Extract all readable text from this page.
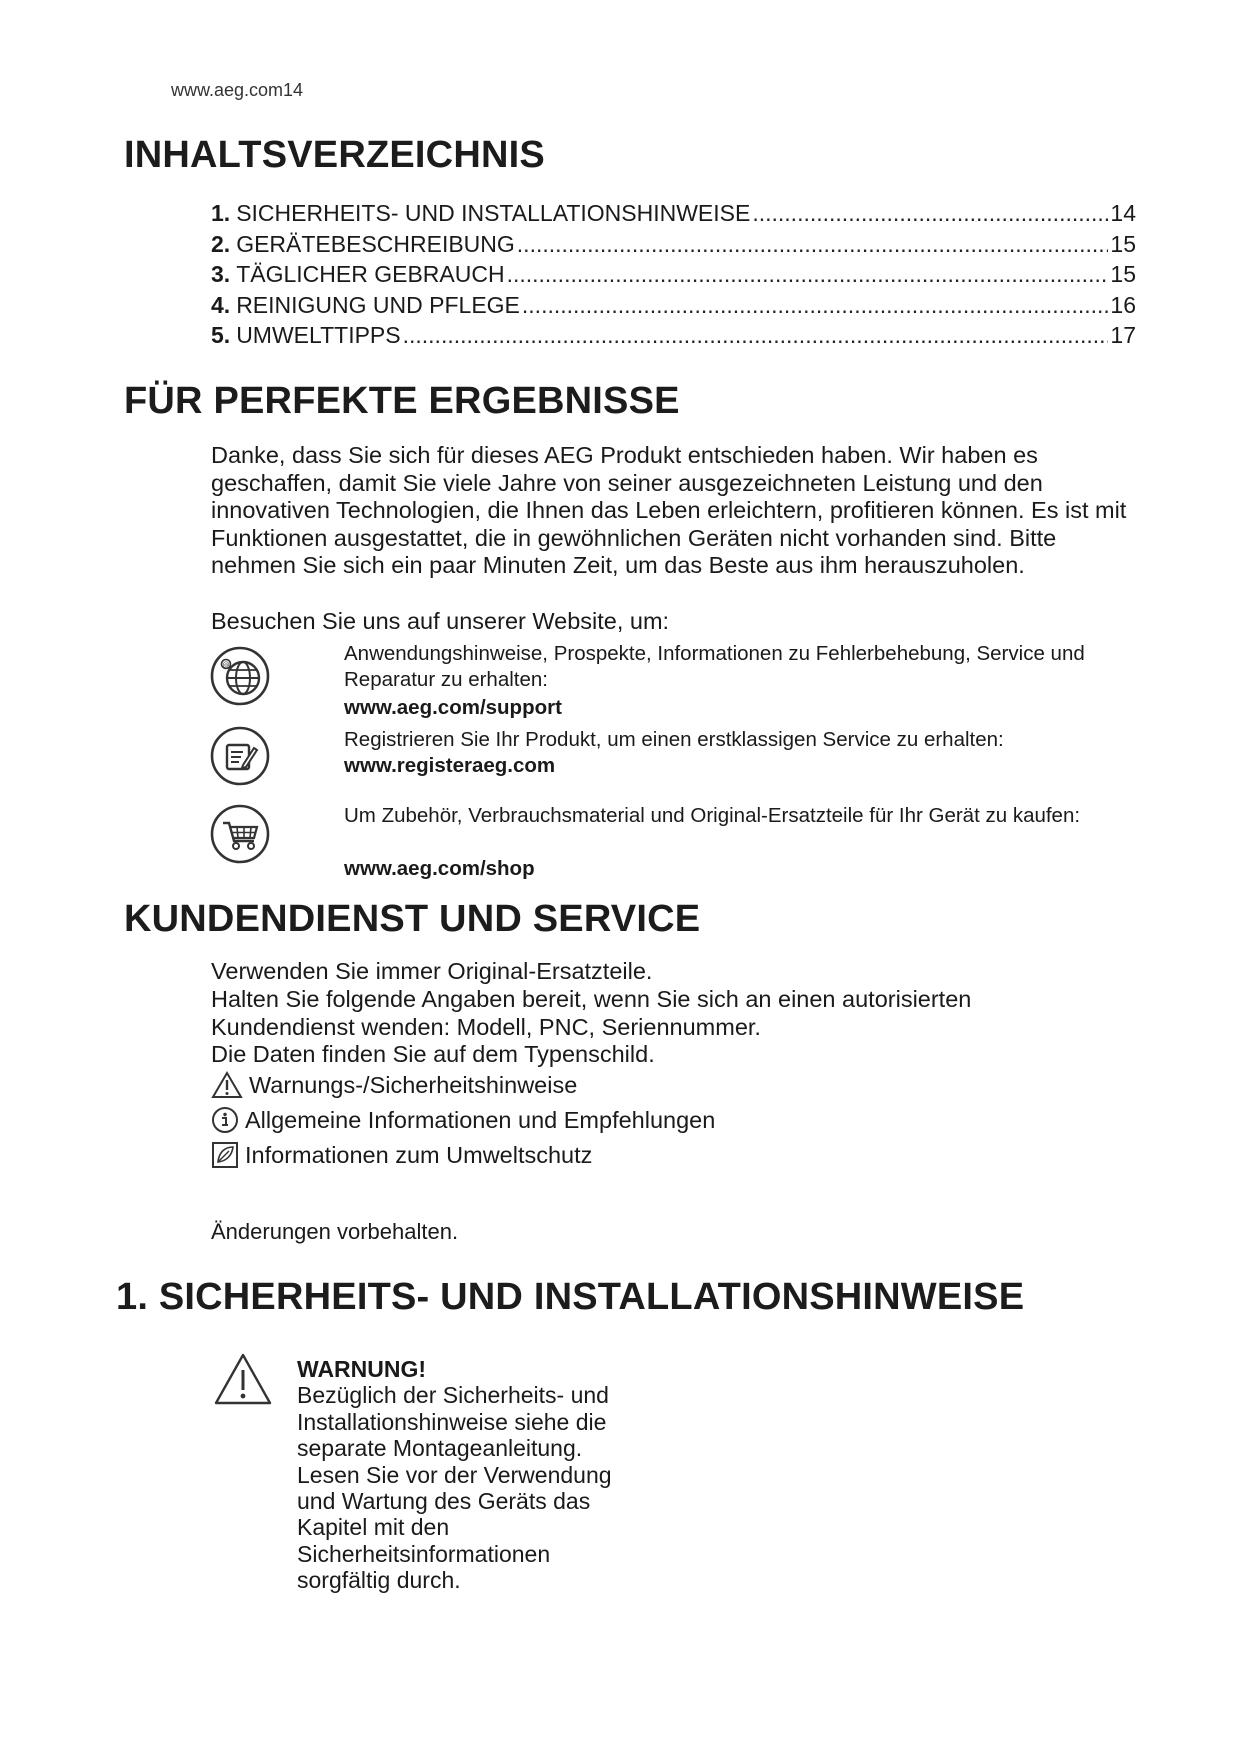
www.aeg.com14
INHALTSVERZEICHNIS
1. SICHERHEITS- UND INSTALLATIONSHINWEISE .....	14
2. GERÄTEBESCHREIBUNG .....	15
3. TÄGLICHER GEBRAUCH .....	15
4. REINIGUNG UND PFLEGE .....	16
5. UMWELTTIPPS .....	17
FÜR PERFEKTE ERGEBNISSE
Danke, dass Sie sich für dieses AEG Produkt entschieden haben. Wir haben es geschaffen, damit Sie viele Jahre von seiner ausgezeichneten Leistung und den innovativen Technologien, die Ihnen das Leben erleichtern, profitieren können. Es ist mit Funktionen ausgestattet, die in gewöhnlichen Geräten nicht vorhanden sind. Bitte nehmen Sie sich ein paar Minuten Zeit, um das Beste aus ihm herauszuholen.
Besuchen Sie uns auf unserer Website, um:
@	Anwendungshinweise, Prospekte, Informationen zu Fehlerbehebung, Service und Reparatur zu erhalten:
www.aeg.com/support
Registrieren Sie Ihr Produkt, um einen erstklassigen Service zu erhalten:
www.registeraeg.com
Um Zubehör, Verbrauchsmaterial und Original-Ersatzteile für Ihr Gerät zu kaufen:
www.aeg.com/shop
KUNDENDIENST UND SERVICE
Verwenden Sie immer Original-Ersatzteile.
Halten Sie folgende Angaben bereit, wenn Sie sich an einen autorisierten Kundendienst wenden: Modell, PNC, Seriennummer.
Die Daten finden Sie auf dem Typenschild.
Warnungs-/Sicherheitshinweise
Allgemeine Informationen und Empfehlungen
Informationen zum Umweltschutz
Änderungen vorbehalten.
1. SICHERHEITS- UND INSTALLATIONSHINWEISE
WARNUNG!
Bezüglich der Sicherheits- und Installationshinweise siehe die separate Montageanleitung. Lesen Sie vor der Verwendung und Wartung des Geräts das Kapitel mit den Sicherheitsinformationen sorgfältig durch.
